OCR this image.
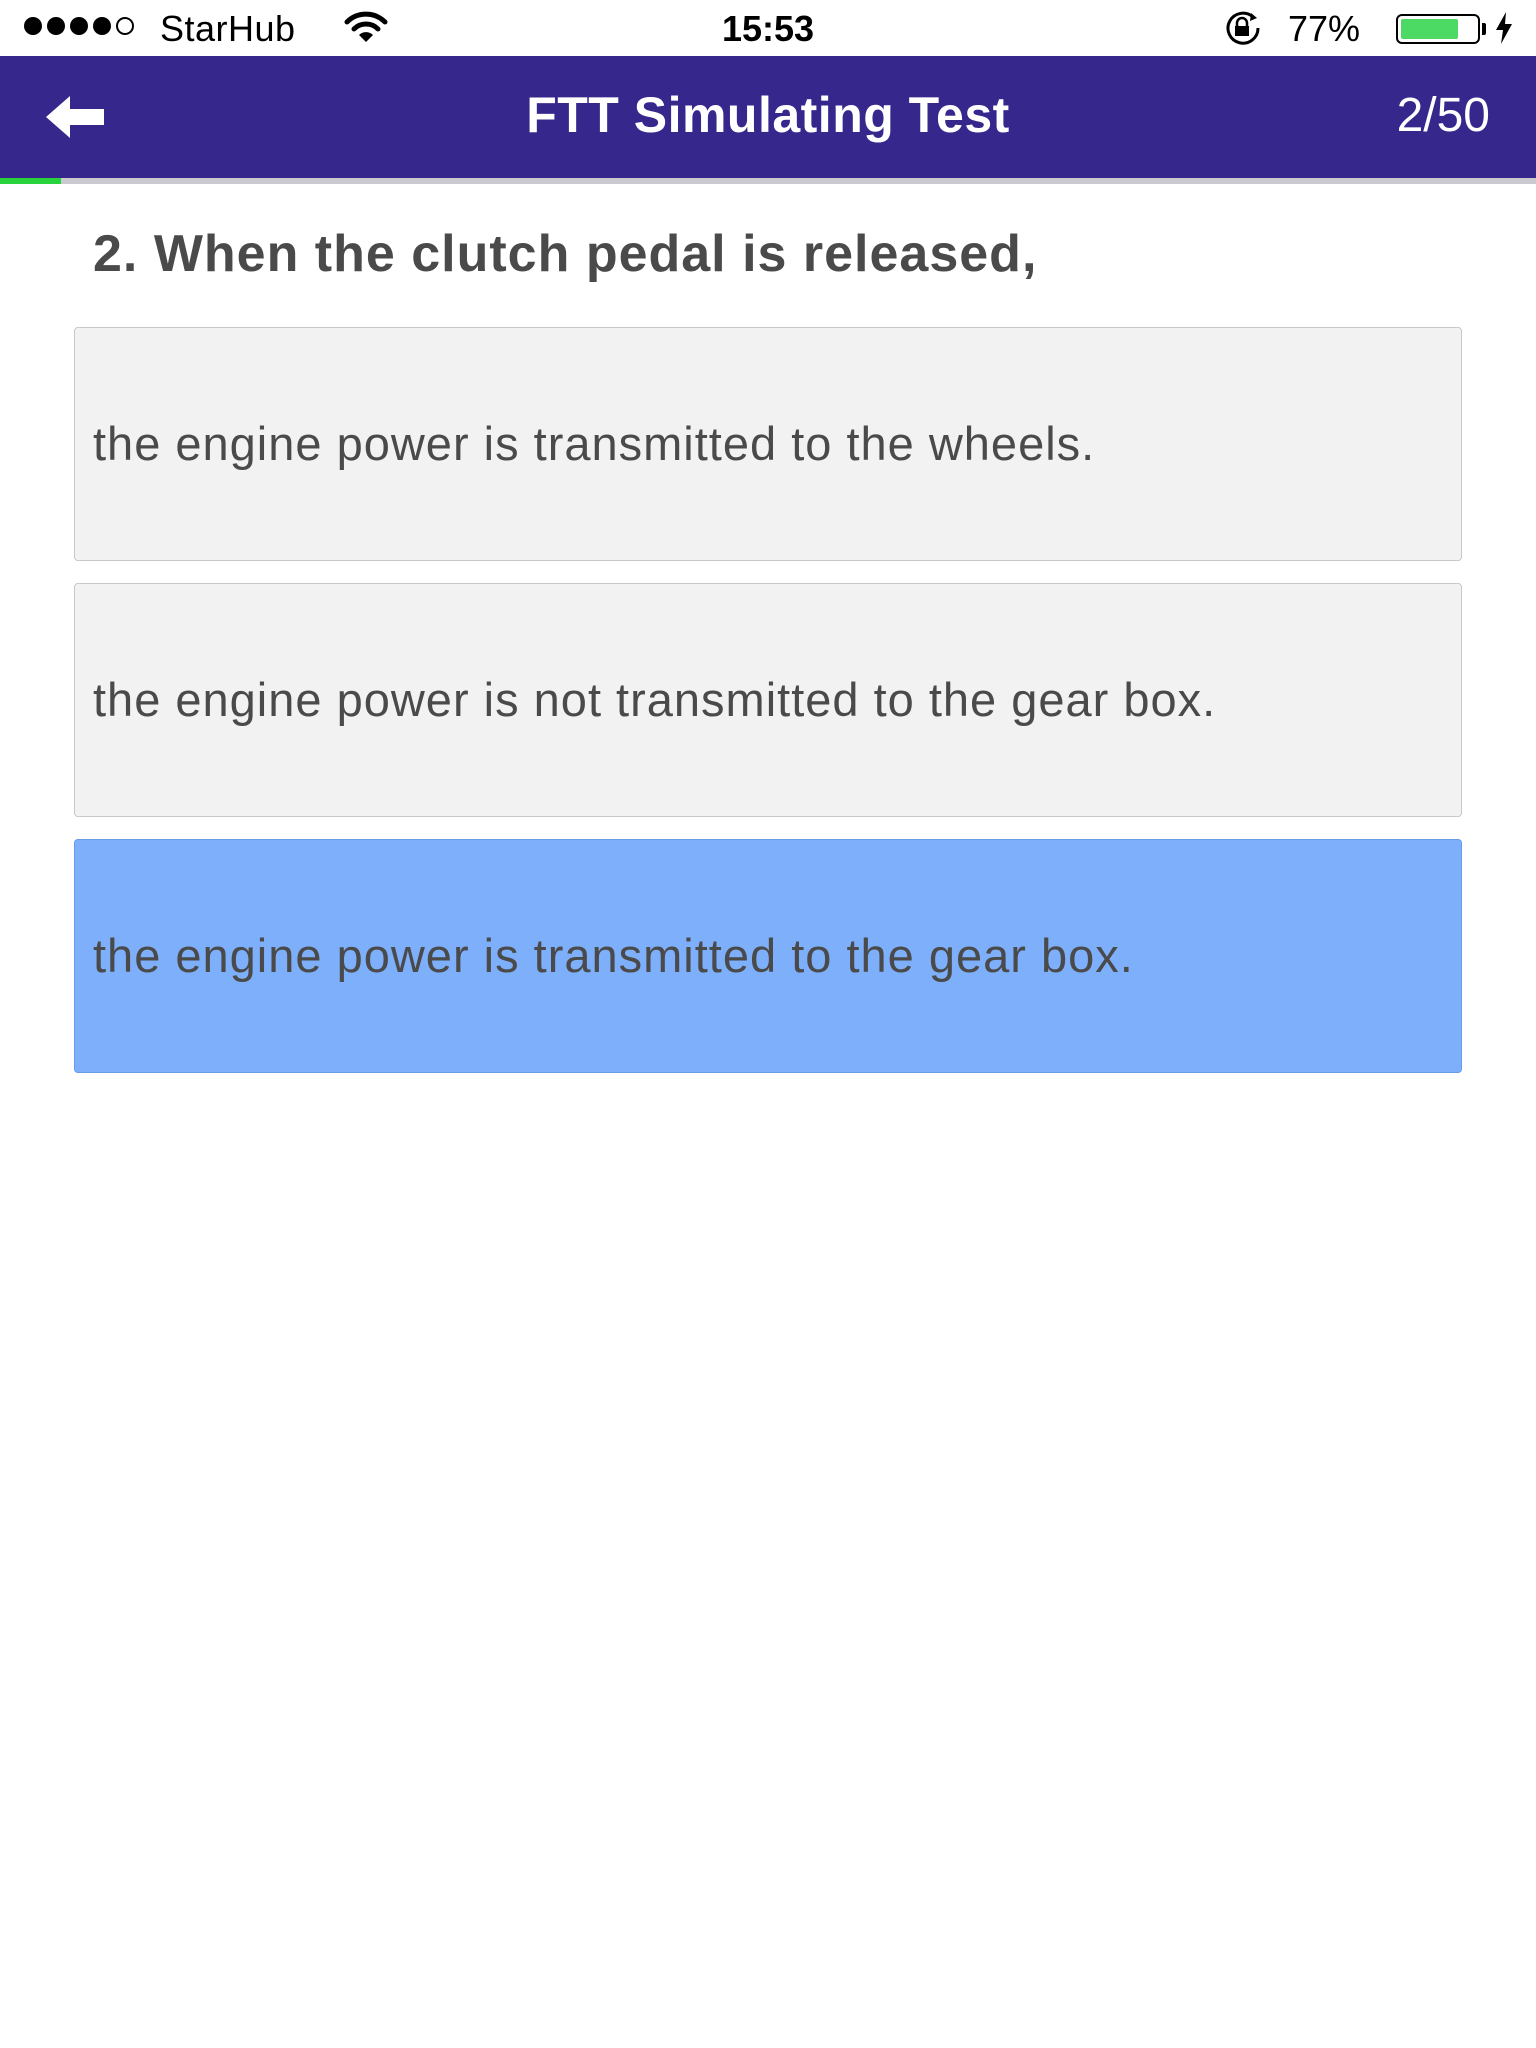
StarHub	15:53	77%
FTT Simulating Test	2/50
2. When the clutch pedal is released,
the engine power is transmitted to the wheels.
the engine power is not transmitted to the gear box.
the engine power is transmitted to the gear box.
